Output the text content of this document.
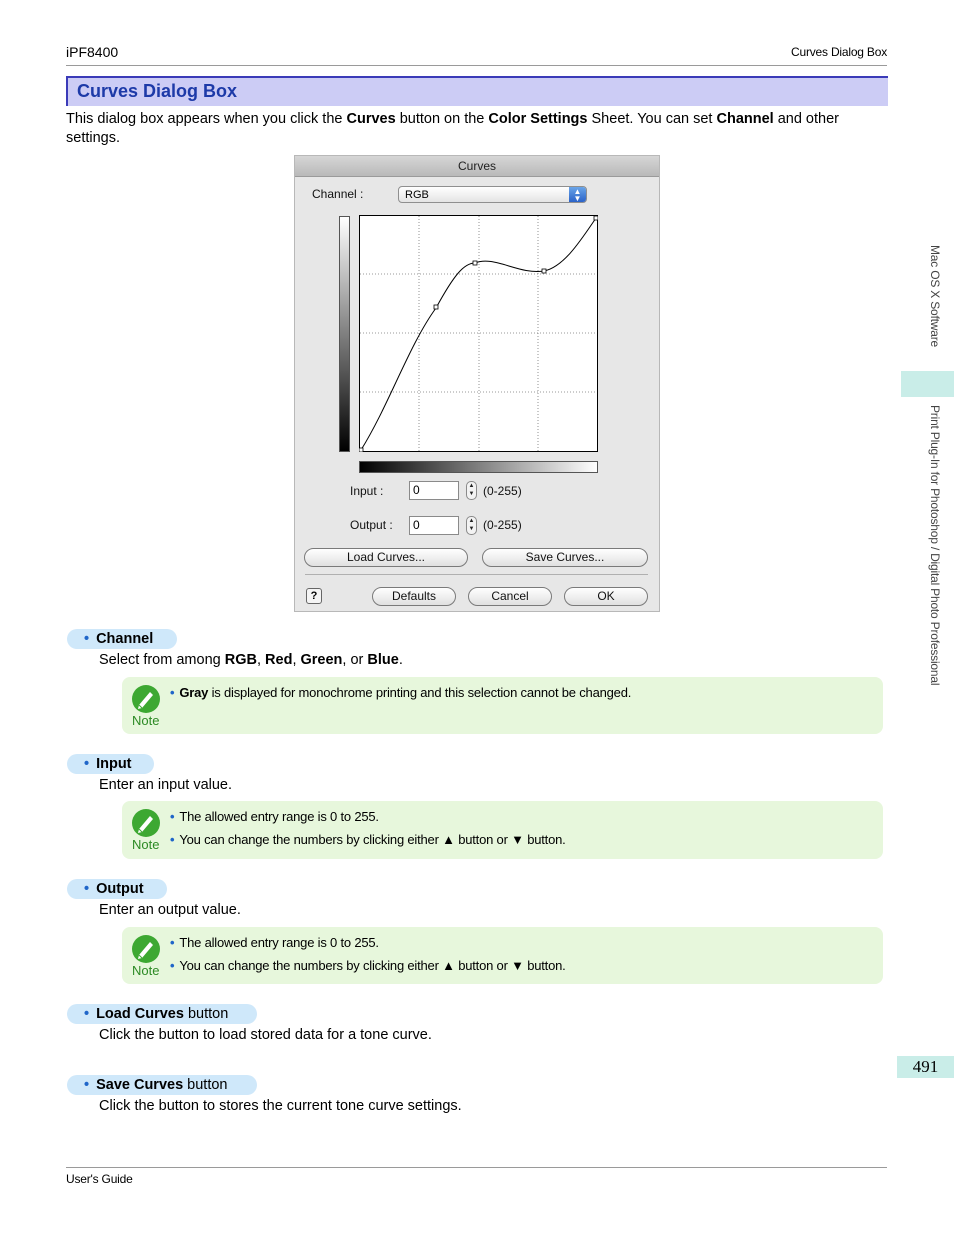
iPF8400	Curves Dialog Box
Curves Dialog Box
This dialog box appears when you click the Curves button on the Color Settings Sheet. You can set Channel and other settings.
Curves
Channel :	RGB	▲
▼
Input :	0	▲
▼ (0-255)
Output :	0	▲
▼ (0-255)
Load Curves...	Save Curves...
?	Defaults	Cancel	OK
• Channel
Select from among RGB, Red, Green, or Blue.
Note
• Gray is displayed for monochrome printing and this selection cannot be changed.
• Input
Enter an input value.
Note
• The allowed entry range is 0 to 255.
• You can change the numbers by clicking either ▲ button or ▼ button.
• Output
Enter an output value.
Note
• The allowed entry range is 0 to 255.
• You can change the numbers by clicking either ▲ button or ▼ button.
• Load Curves button
Click the button to load stored data for a tone curve.
• Save Curves button
Click the button to stores the current tone curve settings.
Mac OS X Software
Print Plug-In for Photoshop / Digital Photo Professional
491
User's Guide
